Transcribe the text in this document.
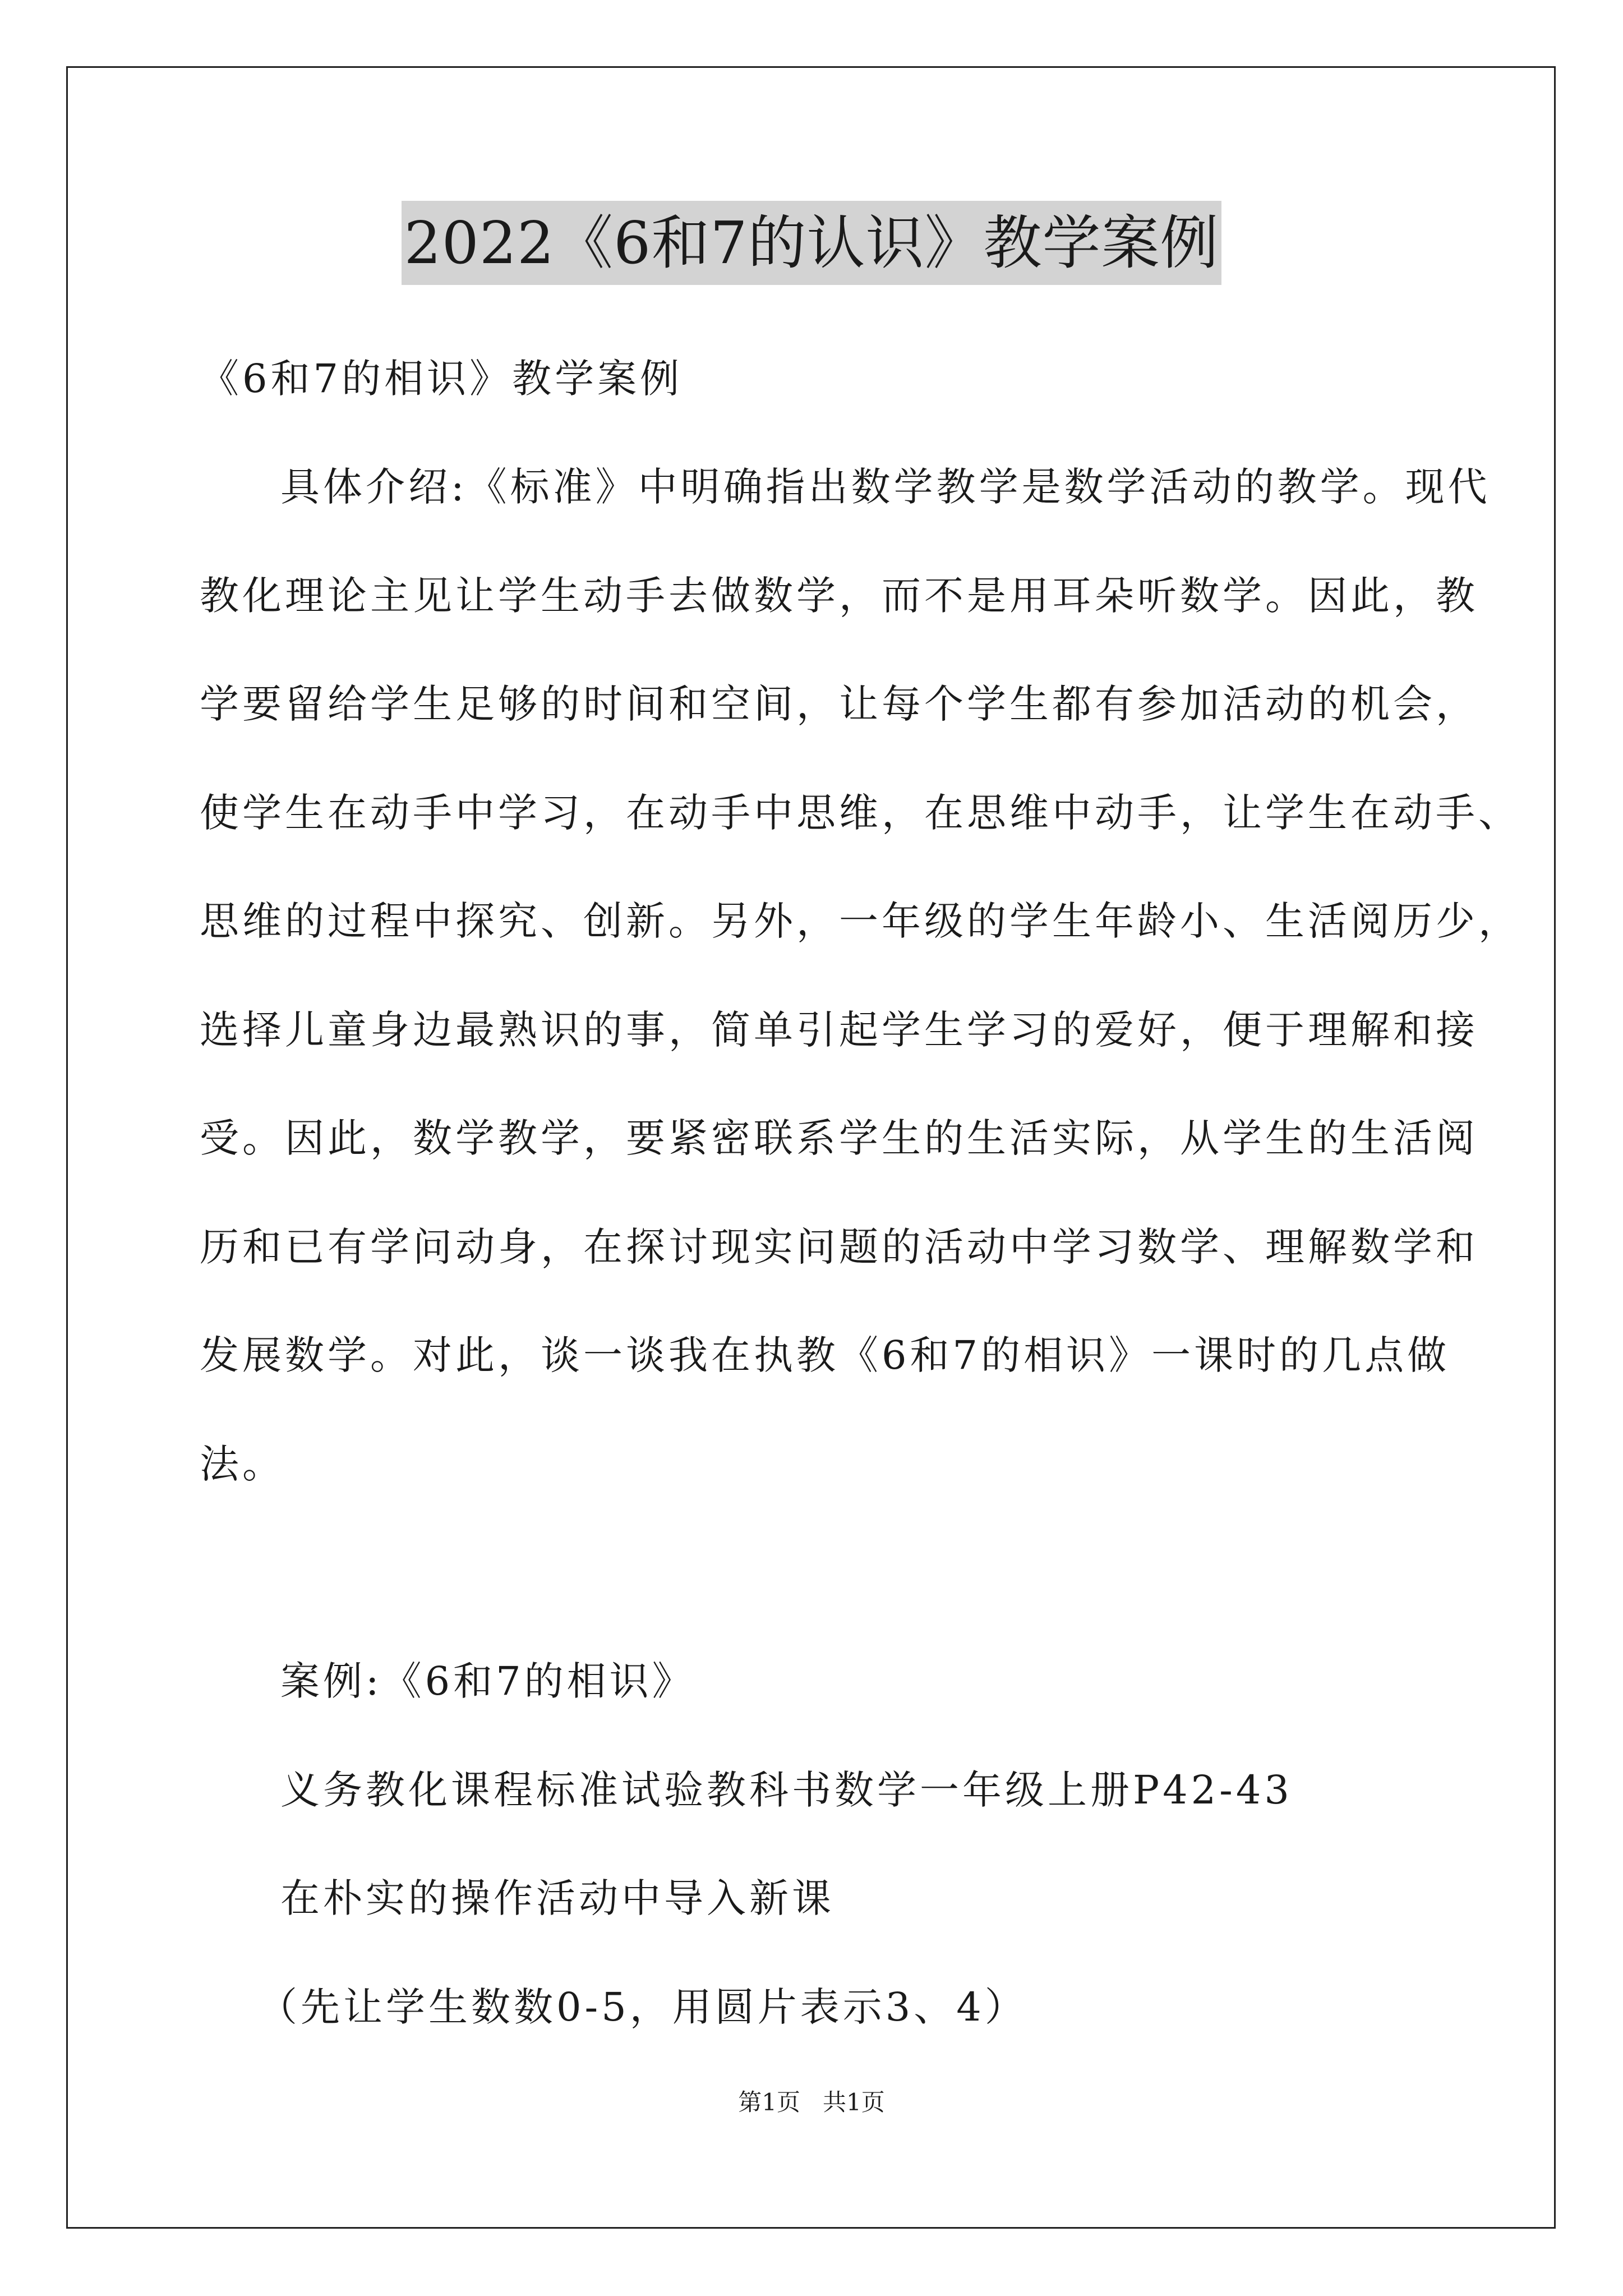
2022《6和7的认识》教学案例
《6和7的相识》教学案例
具体介绍:《标准》中明确指出数学教学是数学活动的教学。现代
教化理论主见让学生动手去做数学，而不是用耳朵听数学。因此，教
学要留给学生足够的时间和空间，让每个学生都有参加活动的机会，
使学生在动手中学习，在动手中思维，在思维中动手，让学生在动手、
思维的过程中探究、创新。另外，一年级的学生年龄小、生活阅历少，
选择儿童身边最熟识的事，简单引起学生学习的爱好，便于理解和接
受。因此，数学教学，要紧密联系学生的生活实际，从学生的生活阅
历和已有学问动身，在探讨现实问题的活动中学习数学、理解数学和
发展数学。对此，谈一谈我在执教《6和7的相识》一课时的几点做
法。
案例:《6和7的相识》
义务教化课程标准试验教科书数学一年级上册P42-43
在朴实的操作活动中导入新课
（先让学生数数0-5，用圆片表示3、4）
第1页   共1页
